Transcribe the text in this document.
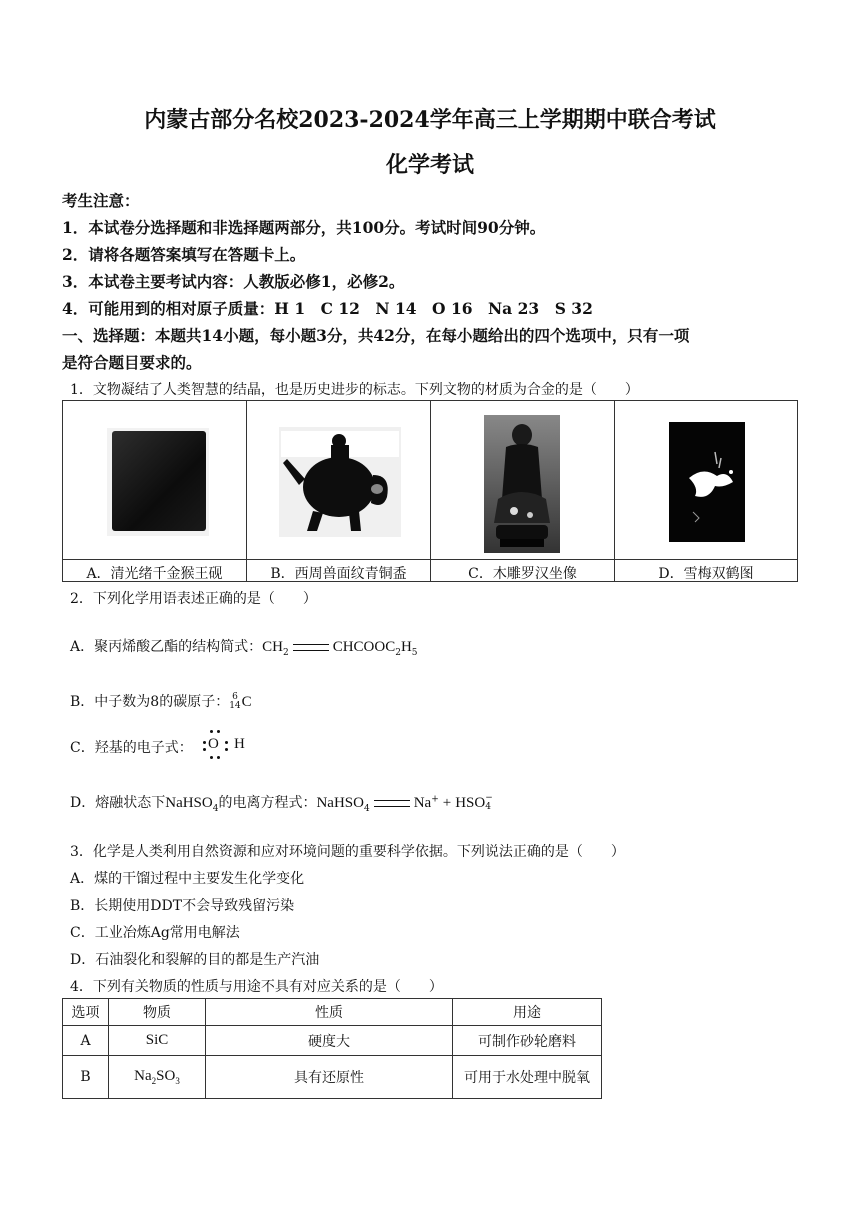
内蒙古部分名校2023-2024学年高三上学期期中联合考试
化学考试
考生注意：
1．本试卷分选择题和非选择题两部分，共100分。考试时间90分钟。
2．请将各题答案填写在答题卡上。
3．本试卷主要考试内容：人教版必修1，必修2。
4．可能用到的相对原子质量：H 1　C 12　N 14　O 16　Na 23　S 32
一、选择题：本题共14小题，每小题3分，共42分，在每小题给出的四个选项中，只有一项
是符合题目要求的。
1．文物凝结了人类智慧的结晶，也是历史进步的标志。下列文物的材质为合金的是（　　）
A．清光绪千金猴王砚	B．西周兽面纹青铜盉	C．木雕罗汉坐像	D．雪梅双鹤图
2．下列化学用语表述正确的是（　　）
A．聚丙烯酸乙酯的结构简式：$CH_2$	$CHCOOC_2H_5$
B．中子数为8的碳原子： 6
14C
C．羟基的电子式： O H
D．熔融状态下NaHSO$_4$的电离方程式：NaHSO$_4$	Na+ + HSO−
4
3．化学是人类利用自然资源和应对环境问题的重要科学依据。下列说法正确的是（　　）
A．煤的干馏过程中主要发生化学变化
B．长期使用DDT不会导致残留污染
C．工业冶炼Ag常用电解法
D．石油裂化和裂解的目的都是生产汽油
4．下列有关物质的性质与用途不具有对应关系的是（　　）
选项	物质	性质	用途
A	SiC	硬度大	可制作砂轮磨料
B	$Na_2SO_3$	具有还原性	可用于水处理中脱氧
